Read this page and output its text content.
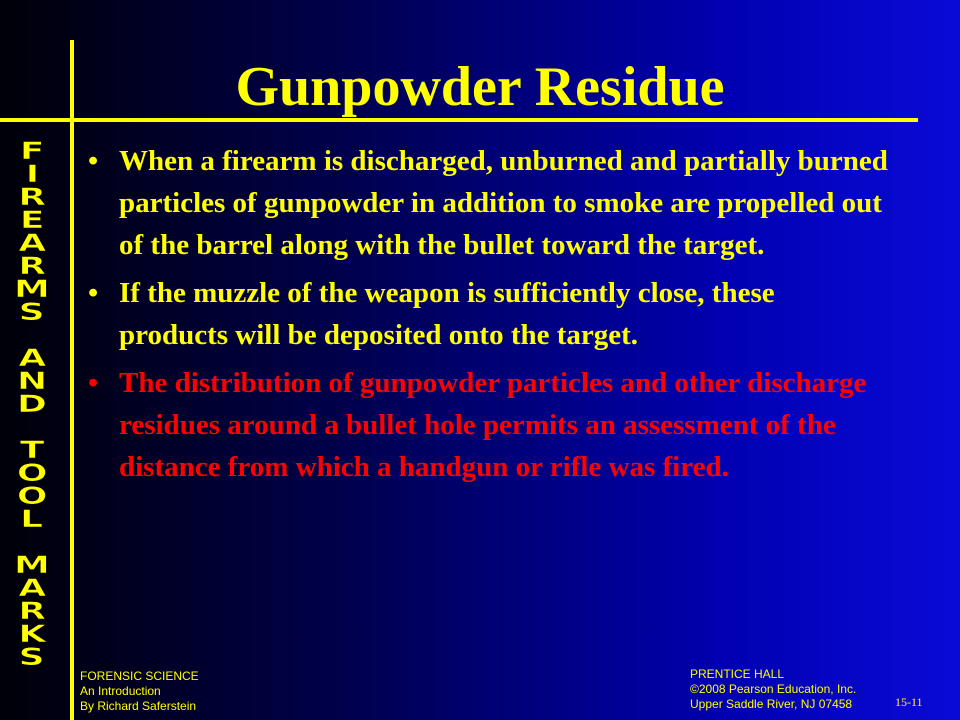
Gunpowder Residue
F
I
R
E
A
R
M
S
A
N
D
T
O
O
L
M
A
R
K
S
• When a firearm is discharged, unburned and partially burned particles of gunpowder in addition to smoke are propelled out of the barrel along with the bullet toward the target.
• If the muzzle of the weapon is sufficiently close, these products will be deposited onto the target.
• The distribution of gunpowder particles and other discharge residues around a bullet hole permits an assessment of the distance from which a handgun or rifle was fired.
FORENSIC SCIENCE
An Introduction
By Richard Saferstein
PRENTICE HALL
©2008 Pearson Education, Inc.
Upper Saddle River, NJ 07458	15-11
